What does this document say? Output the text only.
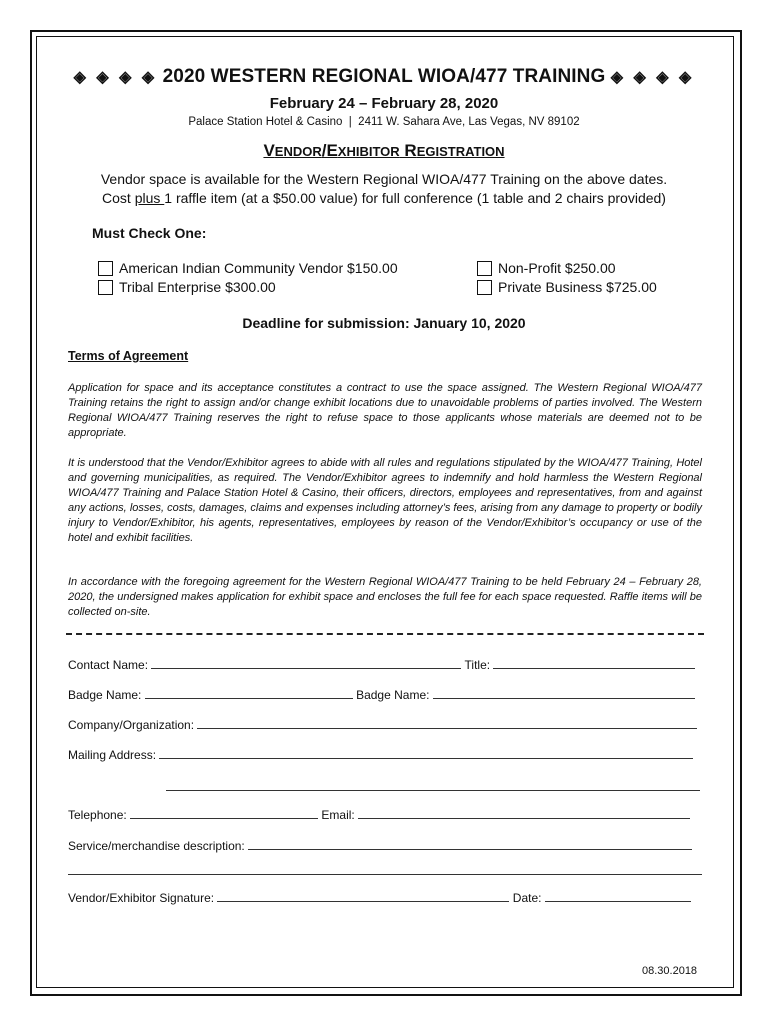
◈ ◈ ◈ ◈ 2020 WESTERN REGIONAL WIOA/477 TRAINING ◈ ◈ ◈ ◈
February 24 – February 28, 2020
Palace Station Hotel & Casino  |  2411 W. Sahara Ave, Las Vegas, NV 89102
VENDOR/EXHIBITOR REGISTRATION
Vendor space is available for the Western Regional WIOA/477 Training on the above dates.
Cost plus 1 raffle item (at a $50.00 value) for full conference (1 table and 2 chairs provided)
Must Check One:
American Indian Community Vendor $150.00
Tribal Enterprise $300.00
Non-Profit $250.00
Private Business $725.00
Deadline for submission: January 10, 2020
Terms of Agreement
Application for space and its acceptance constitutes a contract to use the space assigned. The Western Regional WIOA/477 Training retains the right to assign and/or change exhibit locations due to unavoidable problems of parties involved. The Western Regional WIOA/477 Training reserves the right to refuse space to those applicants whose materials are deemed not to be appropriate.
It is understood that the Vendor/Exhibitor agrees to abide with all rules and regulations stipulated by the WIOA/477 Training, Hotel and governing municipalities, as required. The Vendor/Exhibitor agrees to indemnify and hold harmless the Western Regional WIOA/477 Training and Palace Station Hotel & Casino, their officers, directors, employees and representatives, from and against any actions, losses, costs, damages, claims and expenses including attorney’s fees, arising from any damage to property or bodily injury to Vendor/Exhibitor, his agents, representatives, employees by reason of the Vendor/Exhibitor’s occupancy or use of the hotel and exhibit facilities.
In accordance with the foregoing agreement for the Western Regional WIOA/477 Training to be held February 24 – February 28, 2020, the undersigned makes application for exhibit space and encloses the full fee for each space requested. Raffle items will be collected on-site.
Contact Name:	Title:
Badge Name:	Badge Name:
Company/Organization:
Mailing Address:
Telephone:	Email:
Service/merchandise description:
Vendor/Exhibitor Signature:	Date:
08.30.2018
